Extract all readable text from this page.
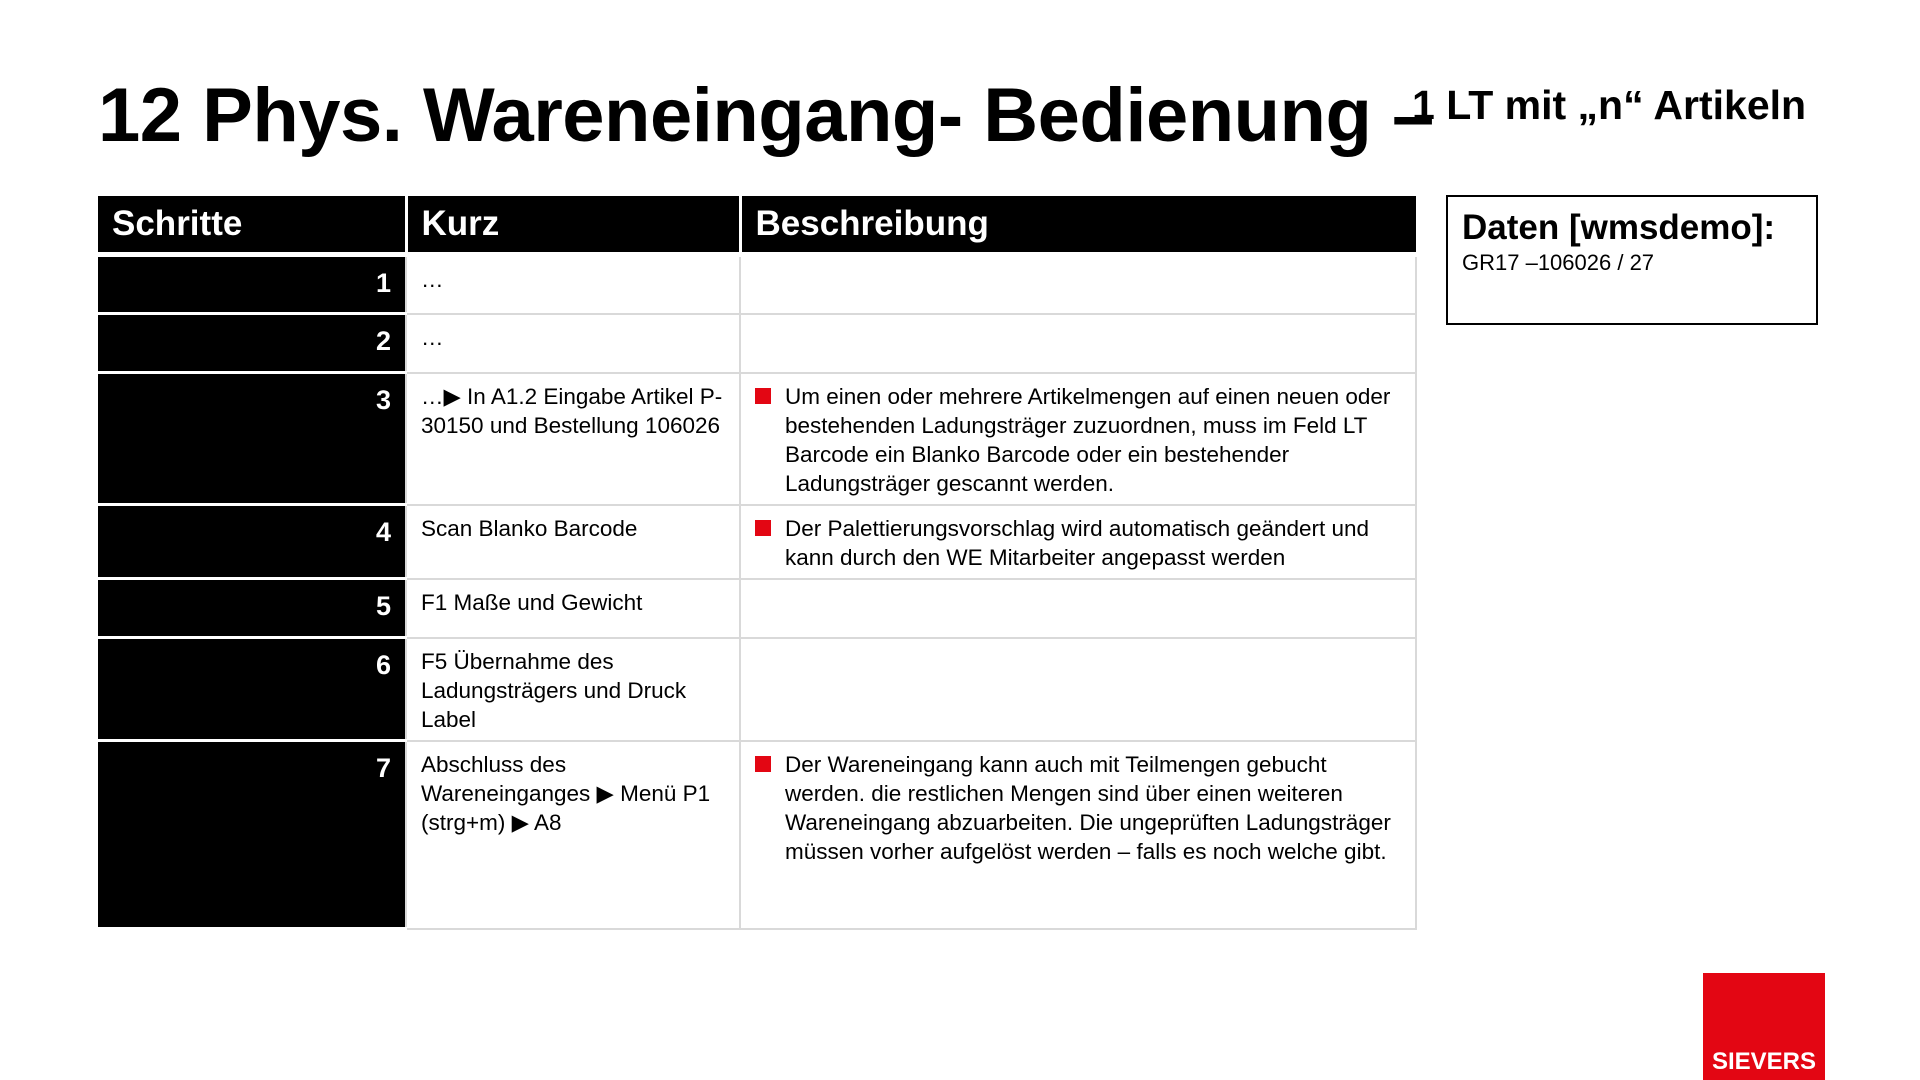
12 Phys. Wareneingang- Bedienung –
1 LT mit „n“ Artikeln
Schritte	Kurz	Beschreibung
1	…	
2	…	
3	…▶ In A1.2 Eingabe Artikel P-30150 und Bestellung 106026	Um einen oder mehrere Artikelmengen auf einen neuen oder bestehenden Ladungsträger zuzuordnen, muss im Feld LT Barcode ein Blanko Barcode oder ein bestehender Ladungsträger gescannt werden.

4	Scan Blanko Barcode	Der Palettierungsvorschlag wird automatisch geändert und kann durch den WE Mitarbeiter angepasst werden

5	F1 Maße und Gewicht	
6	F5 Übernahme des Ladungsträgers und Druck Label	
7	Abschluss des Wareneinganges ▶ Menü P1 (strg+m) ▶ A8	Der Wareneingang kann auch mit Teilmengen gebucht werden. die restlichen Mengen sind über einen weiteren Wareneingang abzuarbeiten. Die ungeprüften Ladungsträger müssen vorher aufgelöst werden – falls es noch welche gibt.
Daten [wmsdemo]:
GR17 –106026 / 27
SIEVERS
